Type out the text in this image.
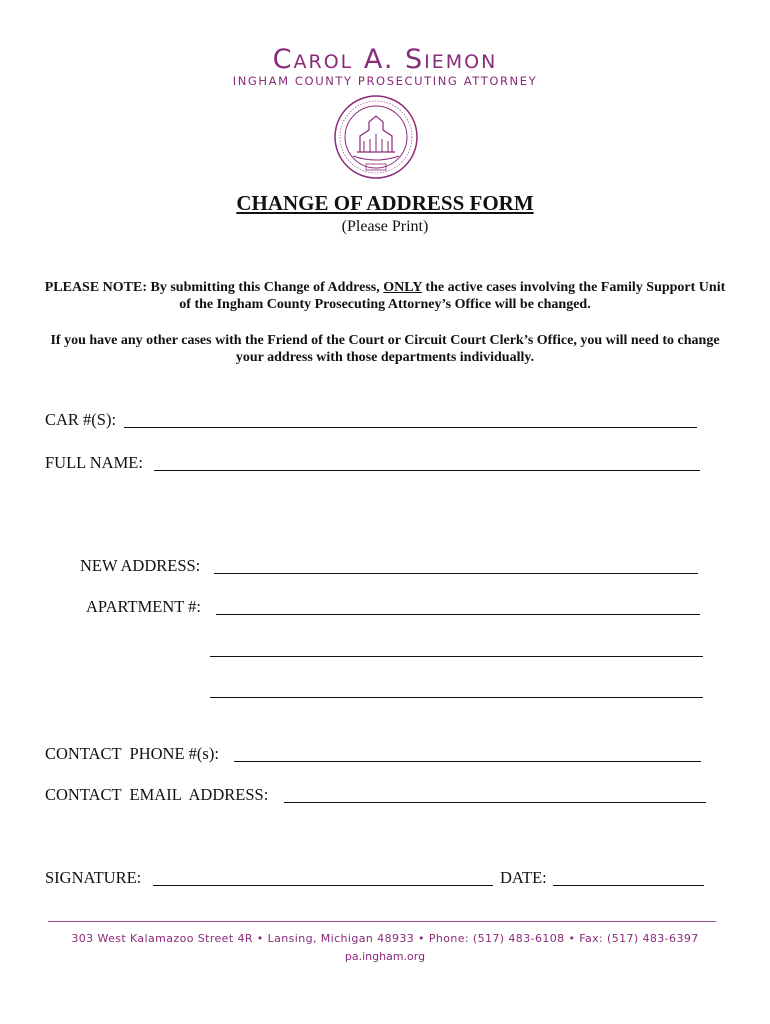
Carol A. Siemon
INGHAM COUNTY PROSECUTING ATTORNEY
CHANGE OF ADDRESS FORM
(Please Print)
PLEASE NOTE: By submitting this Change of Address, ONLY the active cases involving the Family Support Unit of the Ingham County Prosecuting Attorney’s Office will be changed.
If you have any other cases with the Friend of the Court or Circuit Court Clerk’s Office, you will need to change your address with those departments individually.
CAR #(S):
FULL NAME:
NEW ADDRESS:
APARTMENT #:
CONTACT  PHONE #(s):
CONTACT  EMAIL  ADDRESS:
SIGNATURE:	DATE:
303 West Kalamazoo Street 4R • Lansing, Michigan 48933 • Phone: (517) 483-6108 • Fax: (517) 483-6397
pa.ingham.org
